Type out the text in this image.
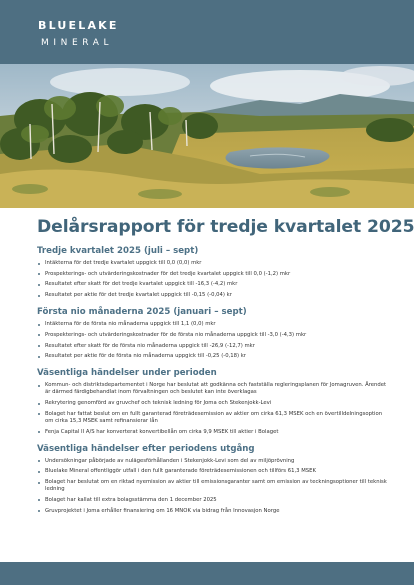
BLUELAKE
MINERAL
Delårsrapport för tredje kvartalet 2025
Tredje kvartalet 2025 (juli – sept)
Intäkterna för det tredje kvartalet uppgick till 0,0 (0,0) mkr
Prospekterings- och utvärderingskostnader för det tredje kvartalet uppgick till 0,0 (-1,2) mkr
Resultatet efter skatt för det tredje kvartalet uppgick till -16,3 (-4,2) mkr
Resultatet per aktie för det tredje kvartalet uppgick till -0,15 (-0,04) kr
Första nio månaderna 2025 (januari – sept)
Intäkterna för de första nio månaderna uppgick till 1,1 (0,0) mkr
Prospekterings- och utvärderingskostnader för de första nio månaderna uppgick till -3,0 (-4,3) mkr
Resultatet efter skatt för de första nio månaderna uppgick till -26,9 (-12,7) mkr
Resultatet per aktie för de första nio månaderna uppgick till -0,25 (-0,18) kr
Väsentliga händelser under perioden
Kommun- och distriktsdepartementet i Norge har beslutat att godkänna och fastställa regleringsplanen för Jomagruven. Ärendet är därmed färdigbehandlat inom förvaltningen och beslutet kan inte överklagas
Rekrytering genomförd av gruvchef och teknisk ledning för Joma och Stekenjokk-Levi
Bolaget har fattat beslut om en fullt garanterad företrädesemission av aktier om cirka 61,3 MSEK och en övertilldelningsoption om cirka 15,3 MSEK samt refinansierar lån
Fenja Capital II A/S har konverterat konvertibellån om cirka 9,9 MSEK till aktier i Bolaget
Väsentliga händelser efter periodens utgång
Undersökningar påbörjade av nulägesförhållanden i Stekenjokk-Levi som del av miljöprövning
Bluelake Mineral offentliggör utfall i den fullt garanterade företrädesemissionen och tillförs 61,3 MSEK
Bolaget har beslutat om en riktad nyemission av aktier till emissionsgaranter samt om emission av teckningsoptioner till teknisk ledning
Bolaget har kallat till extra bolagsstämma den 1 december 2025
Gruvprojektet i Joma erhåller finansiering om 16 MNOK via bidrag från Innovasjon Norge
